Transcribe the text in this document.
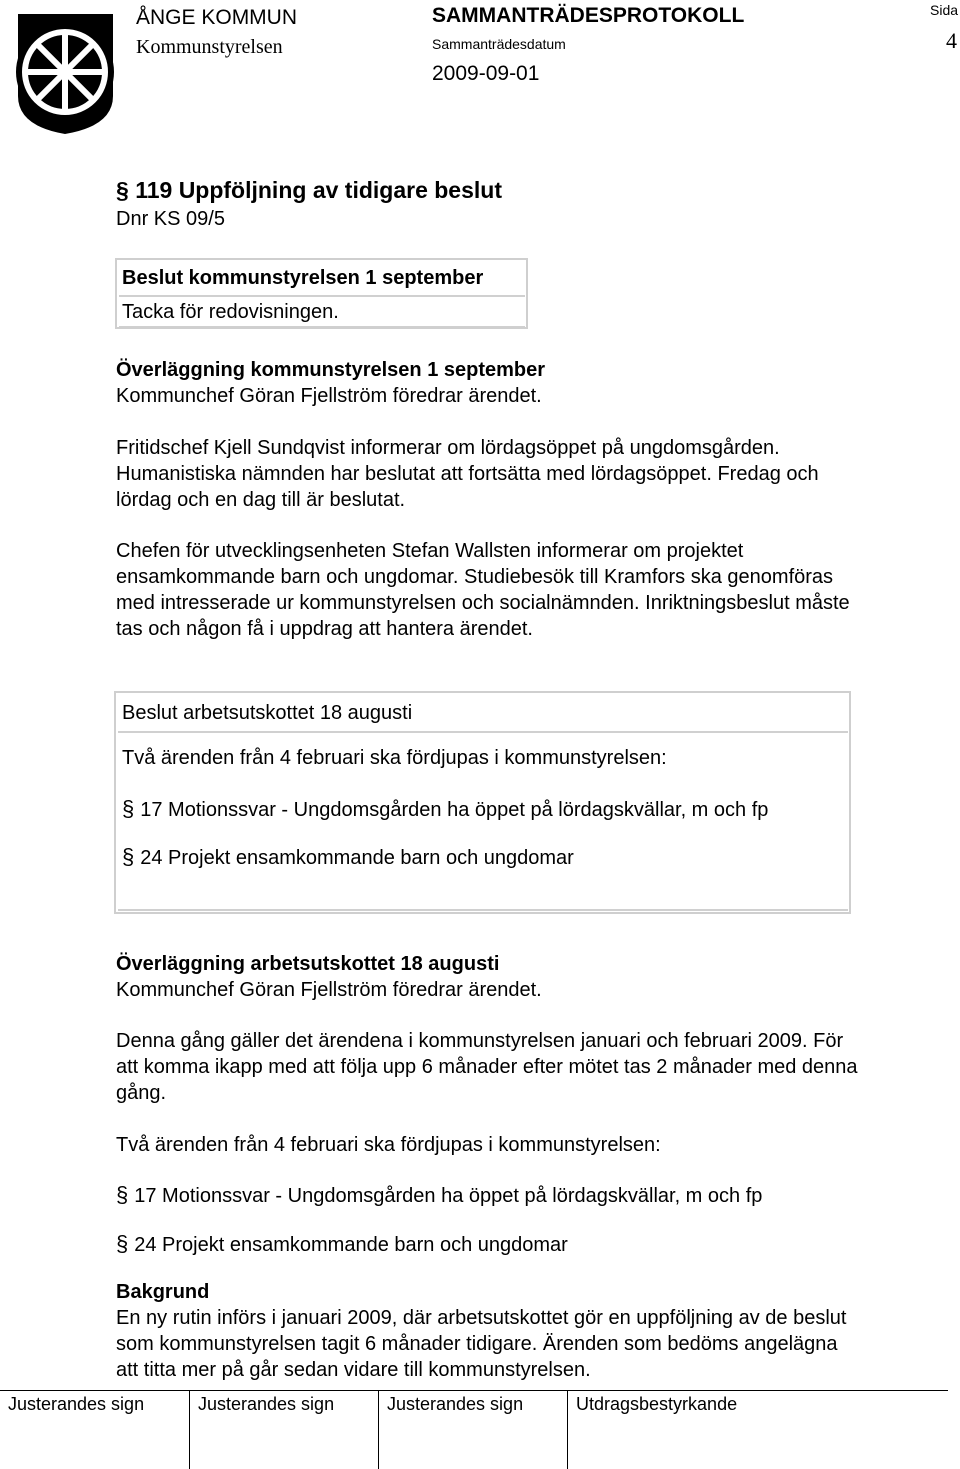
ÅNGE KOMMUN
Kommunstyrelsen
SAMMANTRÄDESPROTOKOLL
Sammanträdesdatum
2009-09-01
Sida
4
§ 119 Uppföljning av tidigare beslut
Dnr KS 09/5
Beslut kommunstyrelsen 1 september
Tacka för redovisningen.
Överläggning kommunstyrelsen 1 september
Kommunchef Göran Fjellström föredrar ärendet.
Fritidschef Kjell Sundqvist informerar om lördagsöppet på ungdomsgården.
Humanistiska nämnden har beslutat att fortsätta med lördagsöppet. Fredag och
lördag och en dag till är beslutat.
Chefen för utvecklingsenheten Stefan Wallsten informerar om projektet
ensamkommande barn och ungdomar. Studiebesök till Kramfors ska genomföras
med intresserade ur kommunstyrelsen och socialnämnden. Inriktningsbeslut måste
tas och någon få i uppdrag att hantera ärendet.
Beslut arbetsutskottet 18 augusti
Två ärenden från 4 februari ska fördjupas i kommunstyrelsen:
§ 17 Motionssvar - Ungdomsgården ha öppet på lördagskvällar, m och fp
§ 24 Projekt ensamkommande barn och ungdomar
Överläggning arbetsutskottet 18 augusti
Kommunchef Göran Fjellström föredrar ärendet.
Denna gång gäller det ärendena i kommunstyrelsen januari och februari 2009. För
att komma ikapp med att följa upp 6 månader efter mötet tas 2 månader med denna
gång.
Två ärenden från 4 februari ska fördjupas i kommunstyrelsen:
§ 17 Motionssvar - Ungdomsgården ha öppet på lördagskvällar, m och fp
§ 24 Projekt ensamkommande barn och ungdomar
Bakgrund
En ny rutin införs i januari 2009, där arbetsutskottet gör en uppföljning av de beslut
som kommunstyrelsen tagit 6 månader tidigare. Ärenden som bedöms angelägna
att titta mer på går sedan vidare till kommunstyrelsen.
Justerandes sign	Justerandes sign	Justerandes sign	Utdragsbestyrkande
